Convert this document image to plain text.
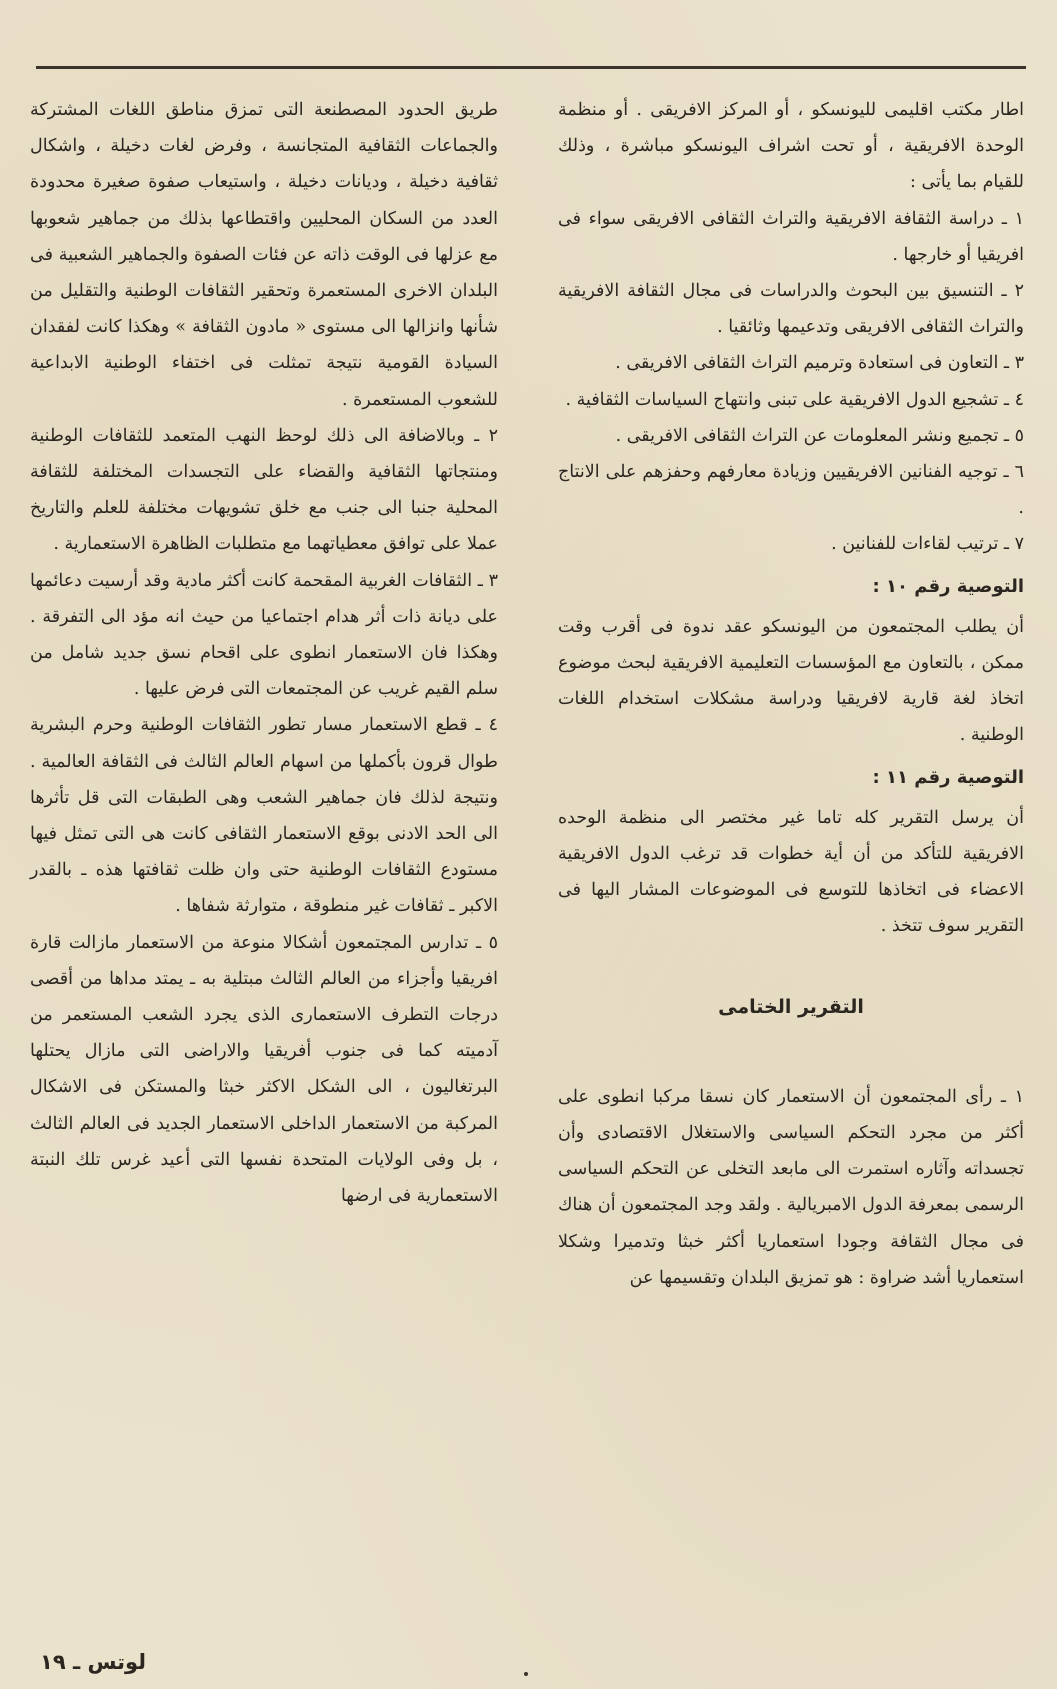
اطار مكتب اقليمى لليونسكو ، أو المركز الافريقى . أو منظمة الوحدة الافريقية ، أو تحت اشراف اليونسكو مباشرة ، وذلك للقيام بما يأتى :

١ ـ دراسة الثقافة الافريقية والتراث الثقافى الافريقى سواء فى افريقيا أو خارجها .

٢ ـ التنسيق بين البحوث والدراسات فى مجال الثقافة الافريقية والتراث الثقافى الافريقى وتدعيمها وثائقيا .

٣ ـ التعاون فى استعادة وترميم التراث الثقافى الافريقى .

٤ ـ تشجيع الدول الافريقية على تبنى وانتهاج السياسات الثقافية .

٥ ـ تجميع ونشر المعلومات عن التراث الثقافى الافريقى .

٦ ـ توجيه الفنانين الافريقيين وزيادة معارفهم وحفزهم على الانتاج .

٧ ـ ترتيب لقاءات للفنانين .

التوصية رقم ١٠ :

أن يطلب المجتمعون من اليونسكو عقد ندوة فى أقرب وقت ممكن ، بالتعاون مع المؤسسات التعليمية الافريقية لبحث موضوع اتخاذ لغة قارية لافريقيا ودراسة مشكلات استخدام اللغات الوطنية .

التوصية رقم ١١ :

أن يرسل التقرير كله تاما غير مختصر الى منظمة الوحده الافريقية للتأكد من أن أية خطوات قد ترغب الدول الافريقية الاعضاء فى اتخاذها للتوسع فى الموضوعات المشار اليها فى التقرير سوف تتخذ .

التقرير الختامى

١ ـ رأى المجتمعون أن الاستعمار كان نسقا مركبا انطوى على أكثر من مجرد التحكم السياسى والاستغلال الاقتصادى وأن تجسداته وآثاره استمرت الى مابعد التخلى عن التحكم السياسى الرسمى بمعرفة الدول الامبريالية . ولقد وجد المجتمعون أن هناك فى مجال الثقافة وجودا استعماريا أكثر خبثا وتدميرا وشكلا استعماريا أشد ضراوة : هو تمزيق البلدان وتقسيمها عن

طريق الحدود المصطنعة التى تمزق مناطق اللغات المشتركة والجماعات الثقافية المتجانسة ، وفرض لغات دخيلة ، واشكال ثقافية دخيلة ، وديانات دخيلة ، واستيعاب صفوة صغيرة محدودة العدد من السكان المحليين واقتطاعها بذلك من جماهير شعوبها مع عزلها فى الوقت ذاته عن فئات الصفوة والجماهير الشعبية فى البلدان الاخرى المستعمرة وتحقير الثقافات الوطنية والتقليل من شأنها وانزالها الى مستوى « مادون الثقافة » وهكذا كانت لفقدان السيادة القومية نتيجة تمثلت فى اختفاء الوطنية الابداعية للشعوب المستعمرة .

٢ ـ وبالاضافة الى ذلك لوحظ النهب المتعمد للثقافات الوطنية ومنتجاتها الثقافية والقضاء على التجسدات المختلفة للثقافة المحلية جنبا الى جنب مع خلق تشويهات مختلفة للعلم والتاريخ عملا على توافق معطياتهما مع متطلبات الظاهرة الاستعمارية .

٣ ـ الثقافات الغربية المقحمة كانت أكثر مادية وقد أرسيت دعائمها على ديانة ذات أثر هدام اجتماعيا من حيث انه مؤد الى التفرقة . وهكذا فان الاستعمار انطوى على اقحام نسق جديد شامل من سلم القيم غريب عن المجتمعات التى فرض عليها .

٤ ـ قطع الاستعمار مسار تطور الثقافات الوطنية وحرم البشرية طوال قرون بأكملها من اسهام العالم الثالث فى الثقافة العالمية . ونتيجة لذلك فان جماهير الشعب وهى الطبقات التى قل تأثرها الى الحد الادنى بوقع الاستعمار الثقافى كانت هى التى تمثل فيها مستودع الثقافات الوطنية حتى وان ظلت ثقافتها هذه ـ بالقدر الاكبر ـ ثقافات غير منطوقة ، متوارثة شفاها .

٥ ـ تدارس المجتمعون أشكالا منوعة من الاستعمار مازالت قارة افريقيا وأجزاء من العالم الثالث مبتلية به ـ يمتد مداها من أقصى درجات التطرف الاستعمارى الذى يجرد الشعب المستعمر من آدميته كما فى جنوب أفريقيا والاراضى التى مازال يحتلها البرتغاليون ، الى الشكل الاكثر خبثا والمستكن فى الاشكال المركبة من الاستعمار الداخلى الاستعمار الجديد فى العالم الثالث ، بل وفى الولايات المتحدة نفسها التى أعيد غرس تلك النبتة الاستعمارية فى ارضها

لوتس ـ ١٩
